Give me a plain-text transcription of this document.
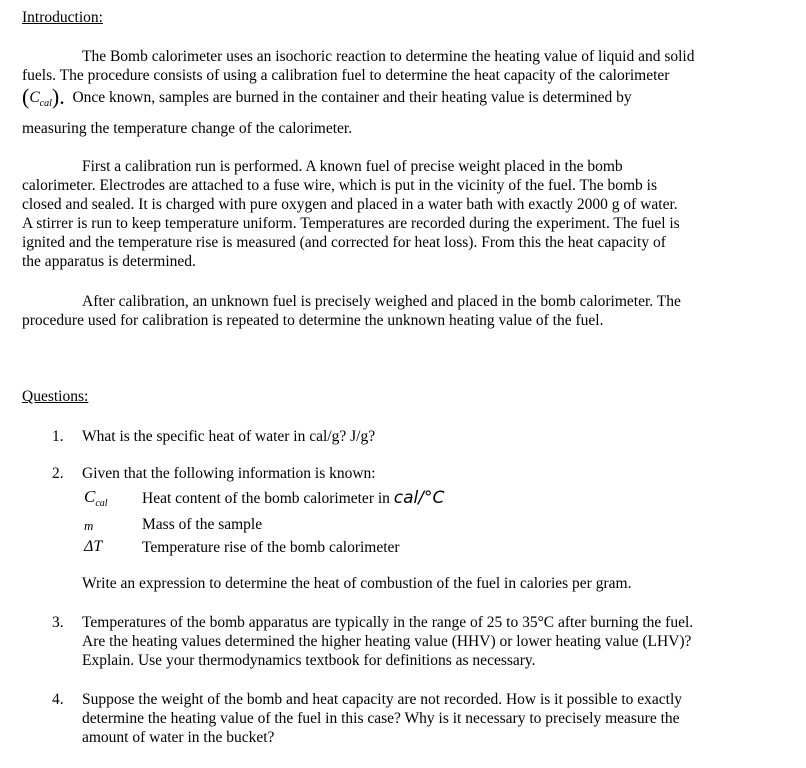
Introduction:
The Bomb calorimeter uses an isochoric reaction to determine the heating value of liquid and solid
fuels. The procedure consists of using a calibration fuel to determine the heat capacity of the calorimeter
$(C_{cal})$. Once known, samples are burned in the container and their heating value is determined by
measuring the temperature change of the calorimeter.
First a calibration run is performed. A known fuel of precise weight placed in the bomb
calorimeter. Electrodes are attached to a fuse wire, which is put in the vicinity of the fuel. The bomb is
closed and sealed. It is charged with pure oxygen and placed in a water bath with exactly 2000 g of water.
A stirrer is run to keep temperature uniform. Temperatures are recorded during the experiment. The fuel is
ignited and the temperature rise is measured (and corrected for heat loss). From this the heat capacity of
the apparatus is determined.
After calibration, an unknown fuel is precisely weighed and placed in the bomb calorimeter. The
procedure used for calibration is repeated to determine the unknown heating value of the fuel.
Questions:
1. What is the specific heat of water in cal/g? J/g?
2. Given that the following information is known:
$C_{cal}$ Heat content of the bomb calorimeter in cal/°C
m	Mass of the sample
ΔT	Temperature rise of the bomb calorimeter
Write an expression to determine the heat of combustion of the fuel in calories per gram.
3. Temperatures of the bomb apparatus are typically in the range of 25 to 35°C after burning the fuel.
Are the heating values determined the higher heating value (HHV) or lower heating value (LHV)?
Explain. Use your thermodynamics textbook for definitions as necessary.
4. Suppose the weight of the bomb and heat capacity are not recorded. How is it possible to exactly
determine the heating value of the fuel in this case? Why is it necessary to precisely measure the
amount of water in the bucket?
